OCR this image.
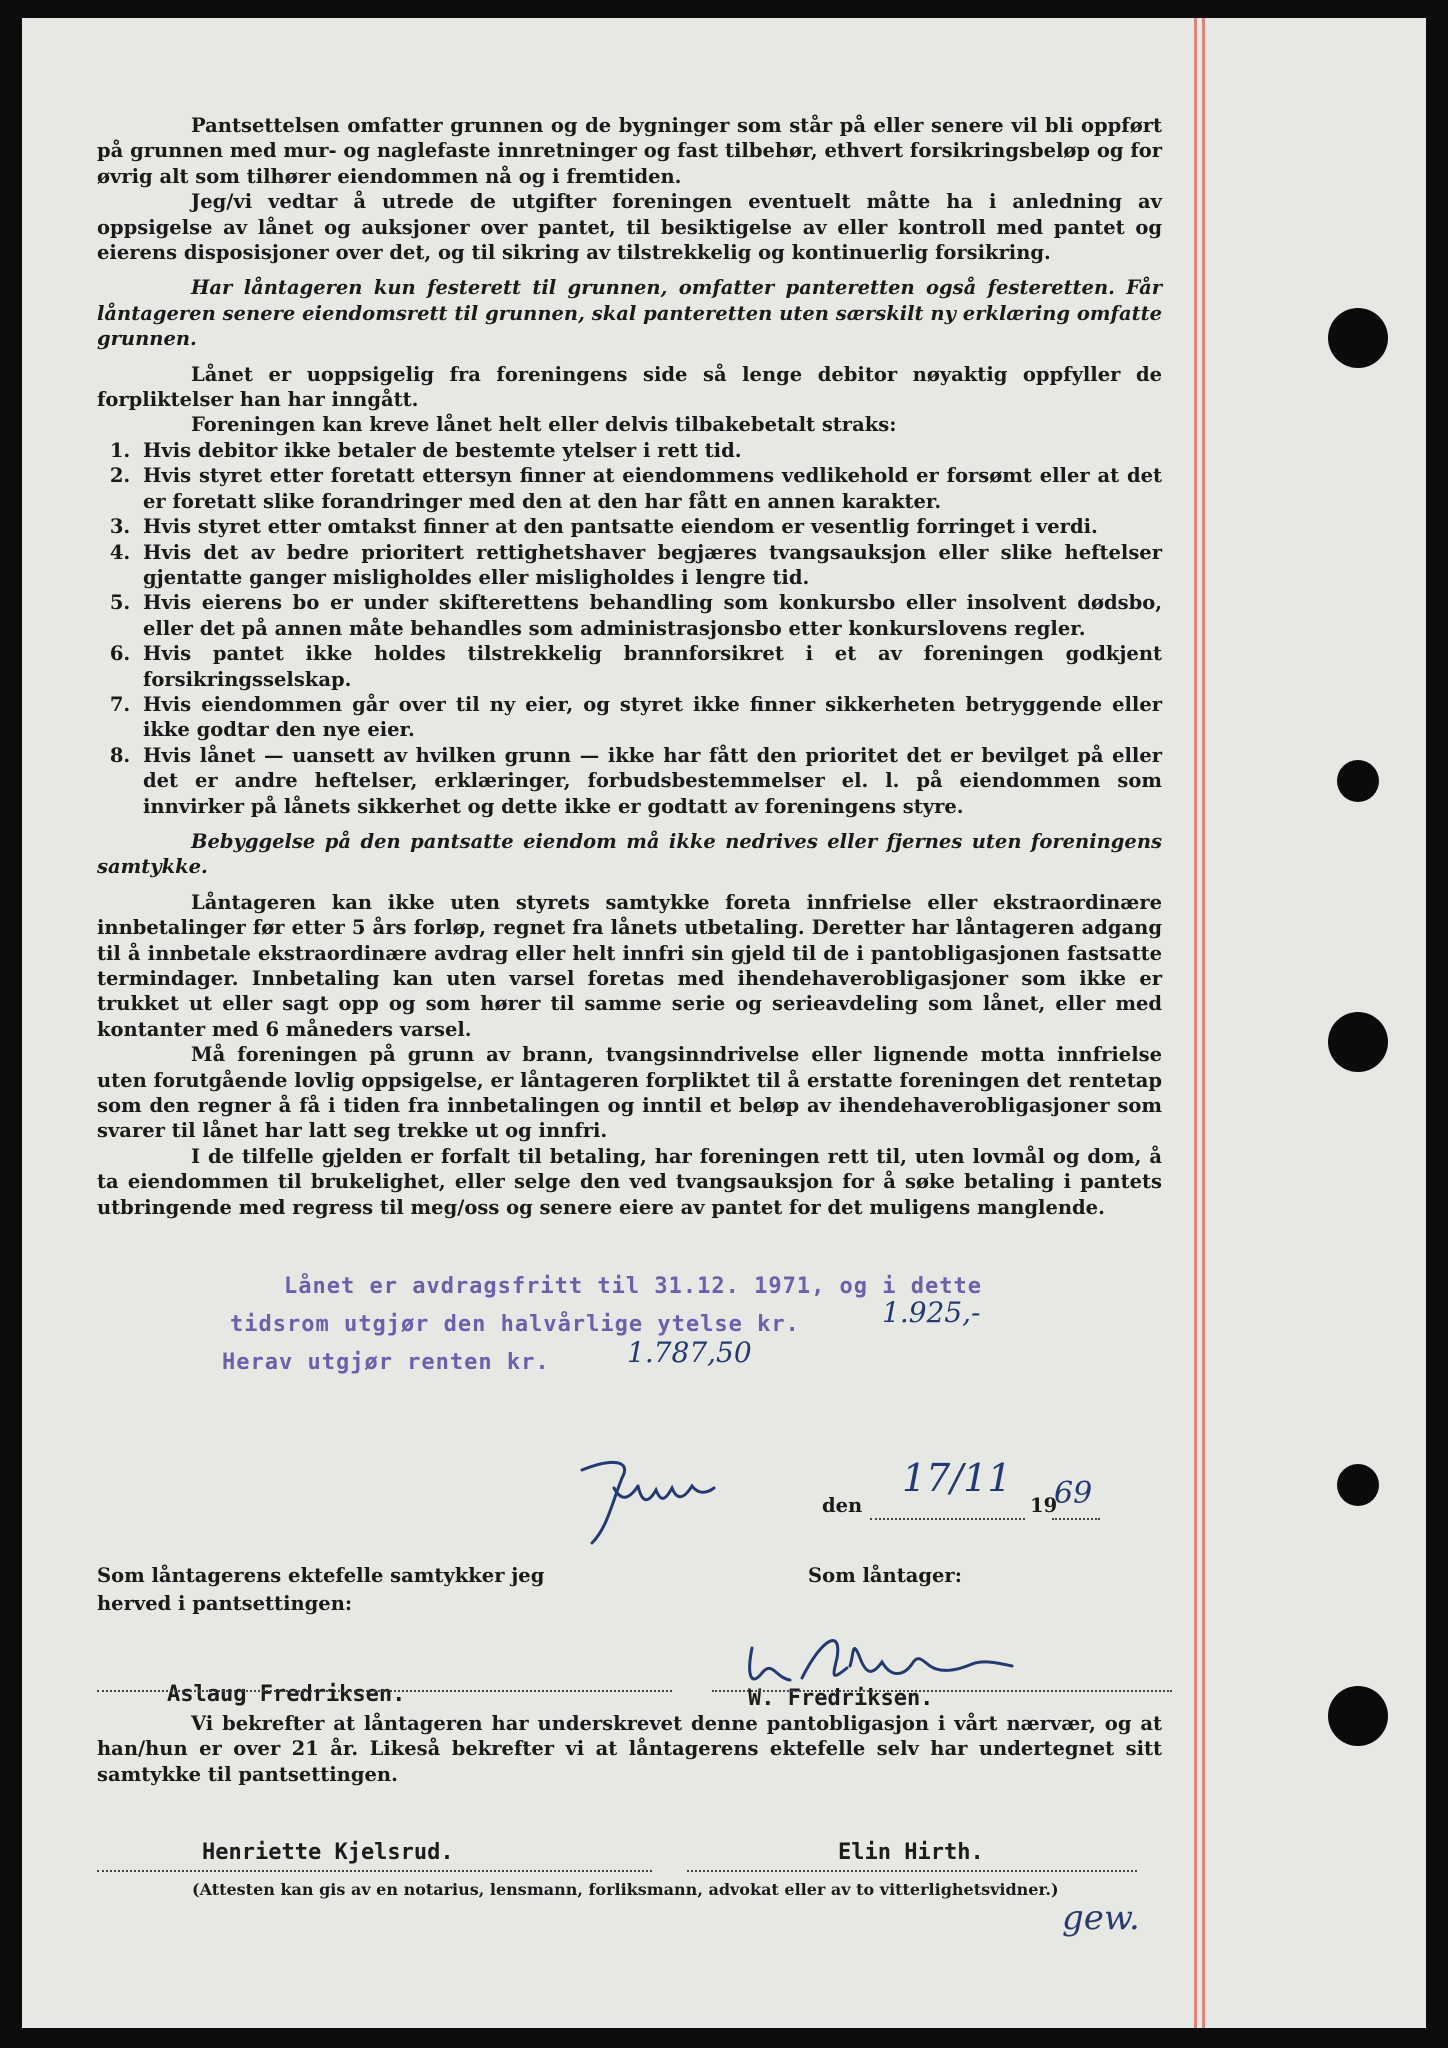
Pantsettelsen omfatter grunnen og de bygninger som står på eller senere vil bli oppført på grunnen med mur- og naglefaste innretninger og fast tilbehør, ethvert forsikringsbeløp og for øvrig alt som tilhører eiendommen nå og i fremtiden.

Jeg/vi vedtar å utrede de utgifter foreningen eventuelt måtte ha i anledning av oppsigelse av lånet og auksjoner over pantet, til besiktigelse av eller kontroll med pantet og eierens disposisjoner over det, og til sikring av tilstrekkelig og kontinuerlig forsikring.

Har låntageren kun festerett til grunnen, omfatter panteretten også festeretten. Får låntageren senere eiendomsrett til grunnen, skal panteretten uten særskilt ny erklæring omfatte grunnen.

Lånet er uoppsigelig fra foreningens side så lenge debitor nøyaktig oppfyller de forpliktelser han har inngått.

Foreningen kan kreve lånet helt eller delvis tilbakebetalt straks:

1. Hvis debitor ikke betaler de bestemte ytelser i rett tid.
2. Hvis styret etter foretatt ettersyn finner at eiendommens vedlikehold er forsømt eller at det er foretatt slike forandringer med den at den har fått en annen karakter.
3. Hvis styret etter omtakst finner at den pantsatte eiendom er vesentlig forringet i verdi.
4. Hvis det av bedre prioritert rettighetshaver begjæres tvangsauksjon eller slike heftelser gjentatte ganger misligholdes eller misligholdes i lengre tid.
5. Hvis eierens bo er under skifterettens behandling som konkursbo eller insolvent dødsbo, eller det på annen måte behandles som administrasjonsbo etter konkurslovens regler.
6. Hvis pantet ikke holdes tilstrekkelig brannforsikret i et av foreningen godkjent forsikringsselskap.
7. Hvis eiendommen går over til ny eier, og styret ikke finner sikkerheten betryggende eller ikke godtar den nye eier.
8. Hvis lånet — uansett av hvilken grunn — ikke har fått den prioritet det er bevilget på eller det er andre heftelser, erklæringer, forbudsbestemmelser el. l. på eiendommen som innvirker på lånets sikkerhet og dette ikke er godtatt av foreningens styre.

Bebyggelse på den pantsatte eiendom må ikke nedrives eller fjernes uten foreningens samtykke.

Låntageren kan ikke uten styrets samtykke foreta innfrielse eller ekstraordinære innbetalinger før etter 5 års forløp, regnet fra lånets utbetaling. Deretter har låntageren adgang til å innbetale ekstraordinære avdrag eller helt innfri sin gjeld til de i pantobligasjonen fastsatte termindager. Innbetaling kan uten varsel foretas med ihendehaverobligasjoner som ikke er trukket ut eller sagt opp og som hører til samme serie og serieavdeling som lånet, eller med kontanter med 6 måneders varsel.

Må foreningen på grunn av brann, tvangsinndrivelse eller lignende motta innfrielse uten forutgående lovlig oppsigelse, er låntageren forpliktet til å erstatte foreningen det rentetap som den regner å få i tiden fra innbetalingen og inntil et beløp av ihendehaverobligasjoner som svarer til lånet har latt seg trekke ut og innfri.

I de tilfelle gjelden er forfalt til betaling, har foreningen rett til, uten lovmål og dom, å ta eiendommen til brukelighet, eller selge den ved tvangsauksjon for å søke betaling i pantets utbringende med regress til meg/oss og senere eiere av pantet for det muligens manglende.

Lånet er avdragsfritt til 31.12. 1971, og i dette
tidsrom utgjør den halvårlige ytelse kr.
Herav utgjør renten kr.
1.925,-
1.787,50
den
17/11
19
69
Som låntagerens ektefelle samtykker jeg
herved i pantsettingen:
Som låntager:
Aslaug Fredriksen.	W. Fredriksen.

Vi bekrefter at låntageren har underskrevet denne pantobligasjon i vårt nærvær, og at han/hun er over 21 år. Likeså bekrefter vi at låntagerens ektefelle selv har undertegnet sitt samtykke til pantsettingen.

Henriette Kjelsrud.	Elin Hirth.
(Attesten kan gis av en notarius, lensmann, forliksmann, advokat eller av to vitterlighetsvidner.)
gew.
